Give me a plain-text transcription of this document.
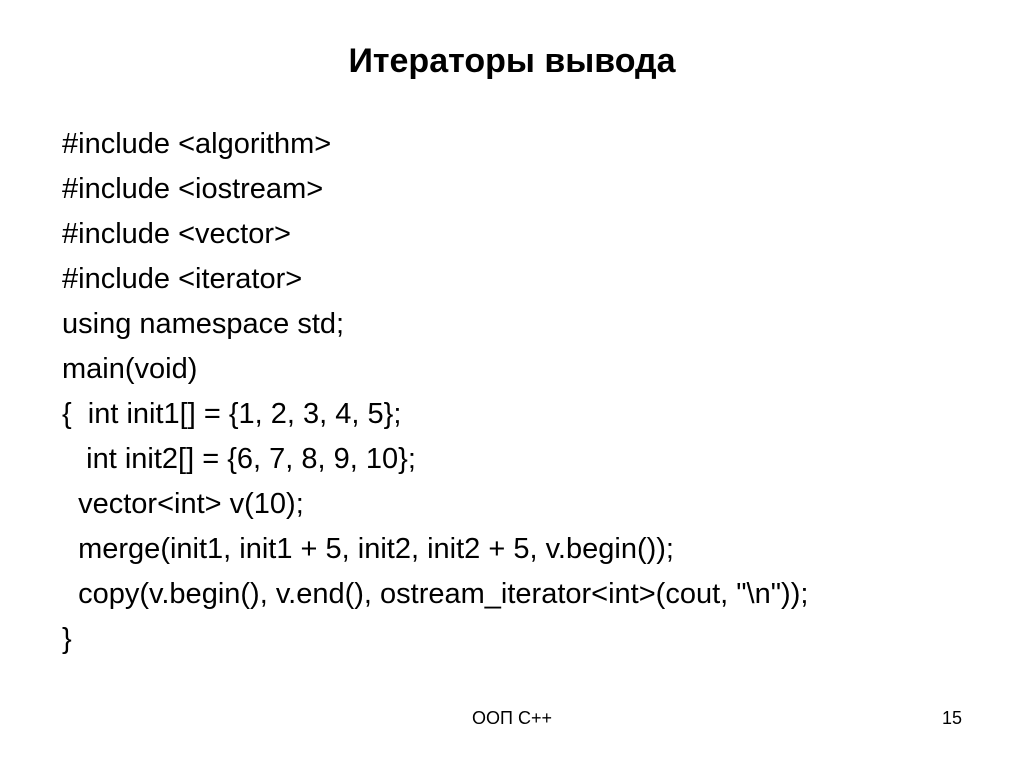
Итераторы вывода
#include <algorithm>
#include <iostream>
#include <vector>
#include <iterator>
using namespace std;
main(void)
{  int init1[] = {1, 2, 3, 4, 5};
int init2[] = {6, 7, 8, 9, 10};
vector<int> v(10);
merge(init1, init1 + 5, init2, init2 + 5, v.begin());
copy(v.begin(), v.end(), ostream_iterator<int>(cout, "\n"));
}
ООП С++	15
